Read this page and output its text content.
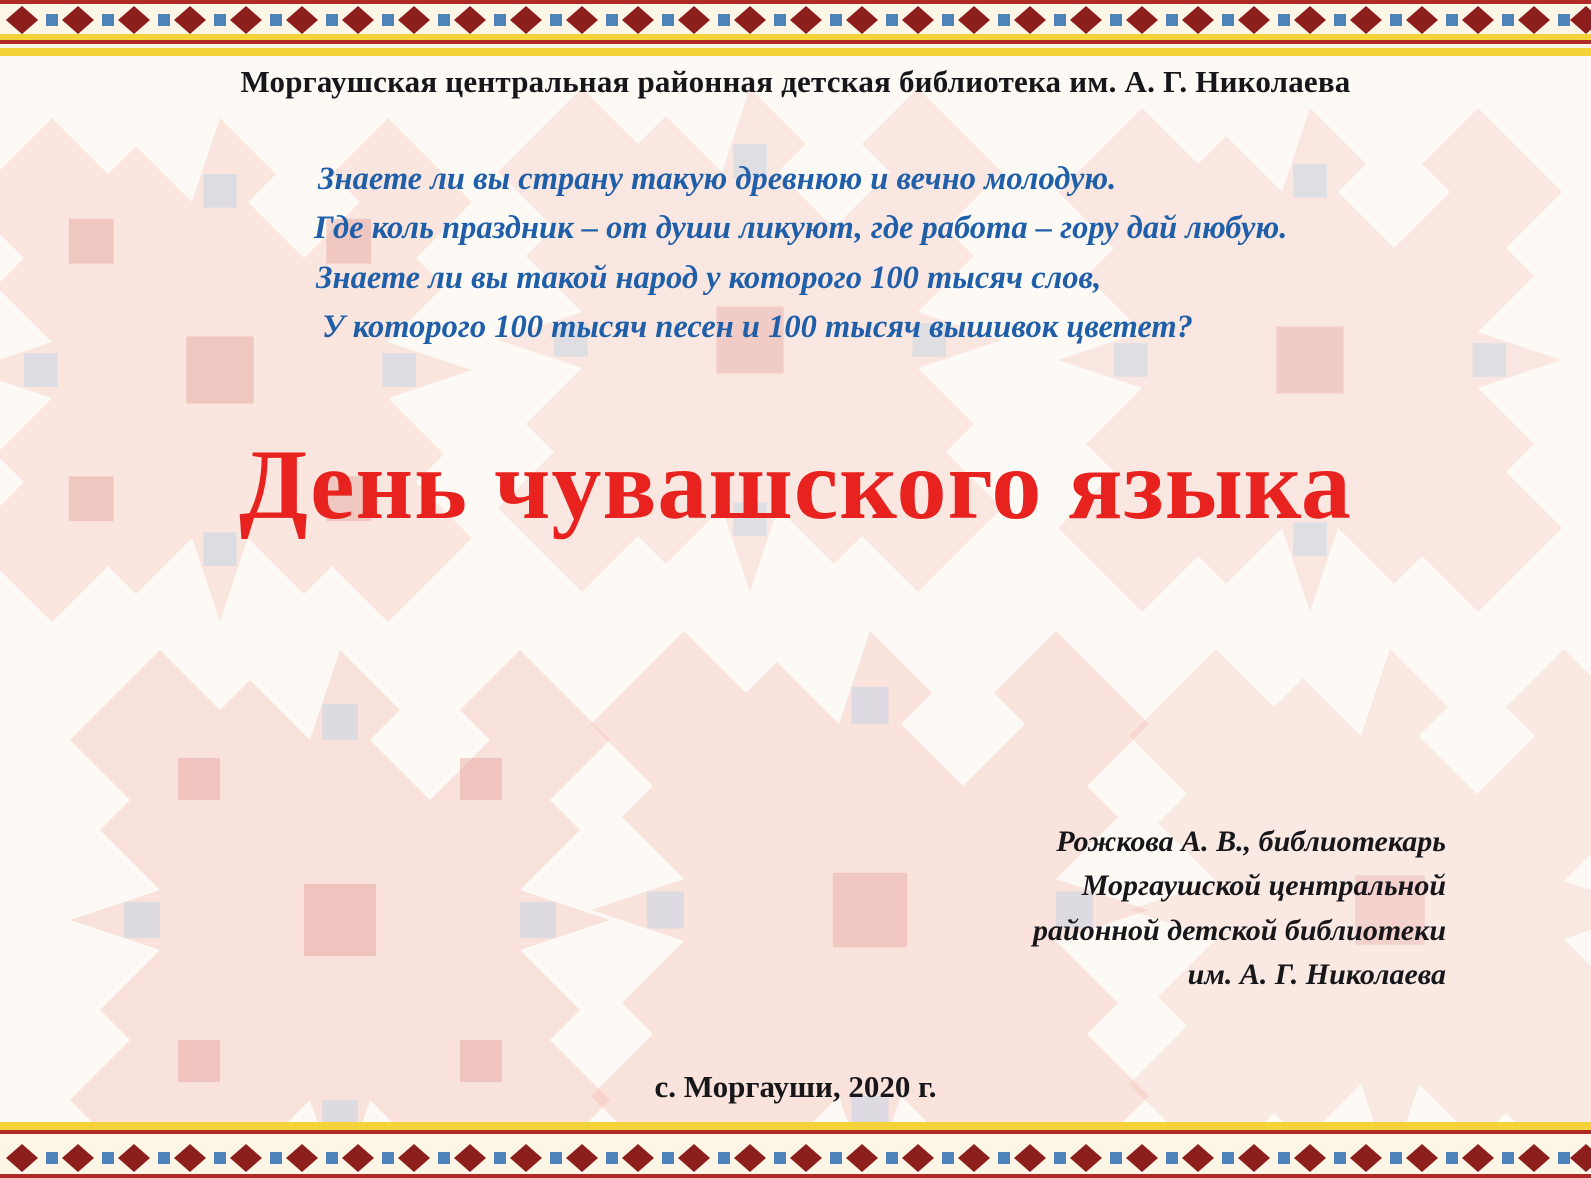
Моргаушская центральная районная детская библиотека им. А. Г. Николаева
Знаете ли вы страну такую древнюю и вечно молодую.
Где коль праздник – от души ликуют, где работа – гору дай любую.
Знаете ли вы такой народ у которого 100 тысяч слов,
У которого 100 тысяч песен и 100 тысяч вышивок цветет?
День чувашского языка
Рожкова А. В., библиотекарь
Моргаушской центральной
районной детской библиотеки
им. А. Г. Николаева
с. Моргауши, 2020 г.
